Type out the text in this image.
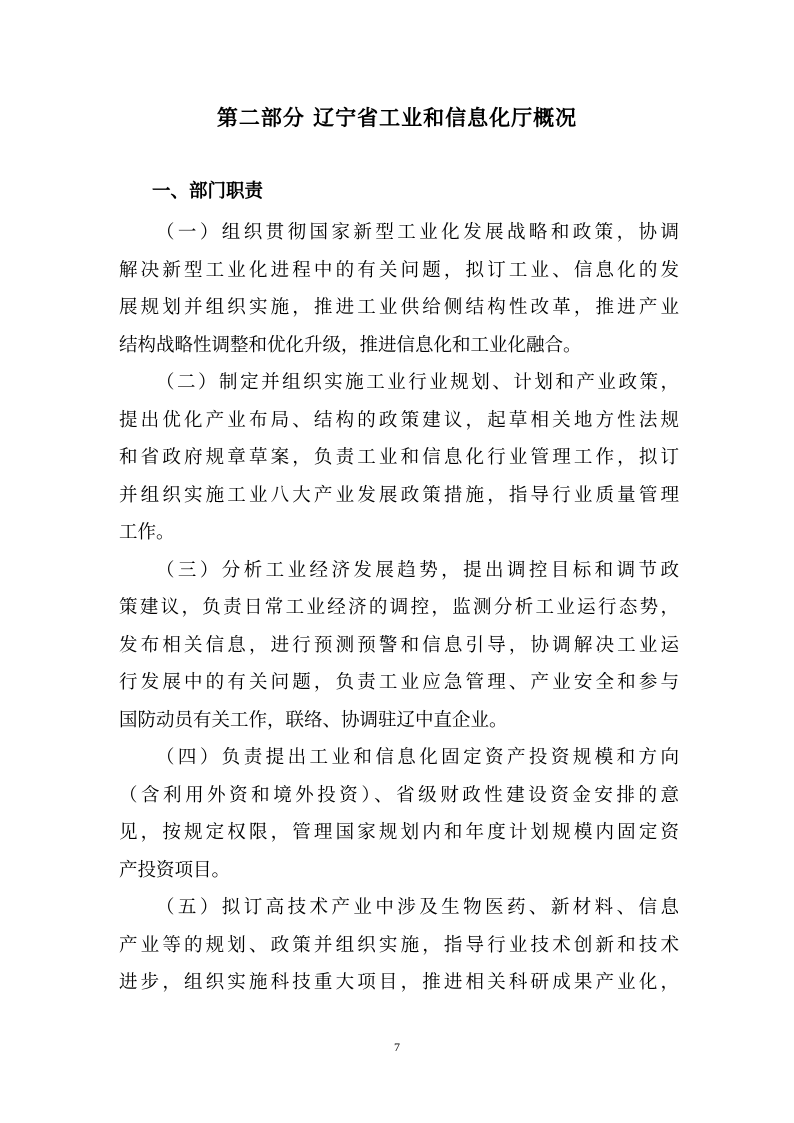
第二部分 辽宁省工业和信息化厅概况
一、部门职责
（一）组织贯彻国家新型工业化发展战略和政策，协调
解决新型工业化进程中的有关问题，拟订工业、信息化的发
展规划并组织实施，推进工业供给侧结构性改革，推进产业
结构战略性调整和优化升级，推进信息化和工业化融合。
（二）制定并组织实施工业行业规划、计划和产业政策，
提出优化产业布局、结构的政策建议，起草相关地方性法规
和省政府规章草案，负责工业和信息化行业管理工作，拟订
并组织实施工业八大产业发展政策措施，指导行业质量管理
工作。
（三）分析工业经济发展趋势，提出调控目标和调节政
策建议，负责日常工业经济的调控，监测分析工业运行态势，
发布相关信息，进行预测预警和信息引导，协调解决工业运
行发展中的有关问题，负责工业应急管理、产业安全和参与
国防动员有关工作，联络、协调驻辽中直企业。
（四）负责提出工业和信息化固定资产投资规模和方向
（含利用外资和境外投资）、省级财政性建设资金安排的意
见，按规定权限，管理国家规划内和年度计划规模内固定资
产投资项目。
（五）拟订高技术产业中涉及生物医药、新材料、信息
产业等的规划、政策并组织实施，指导行业技术创新和技术
进步，组织实施科技重大项目，推进相关科研成果产业化，
7
